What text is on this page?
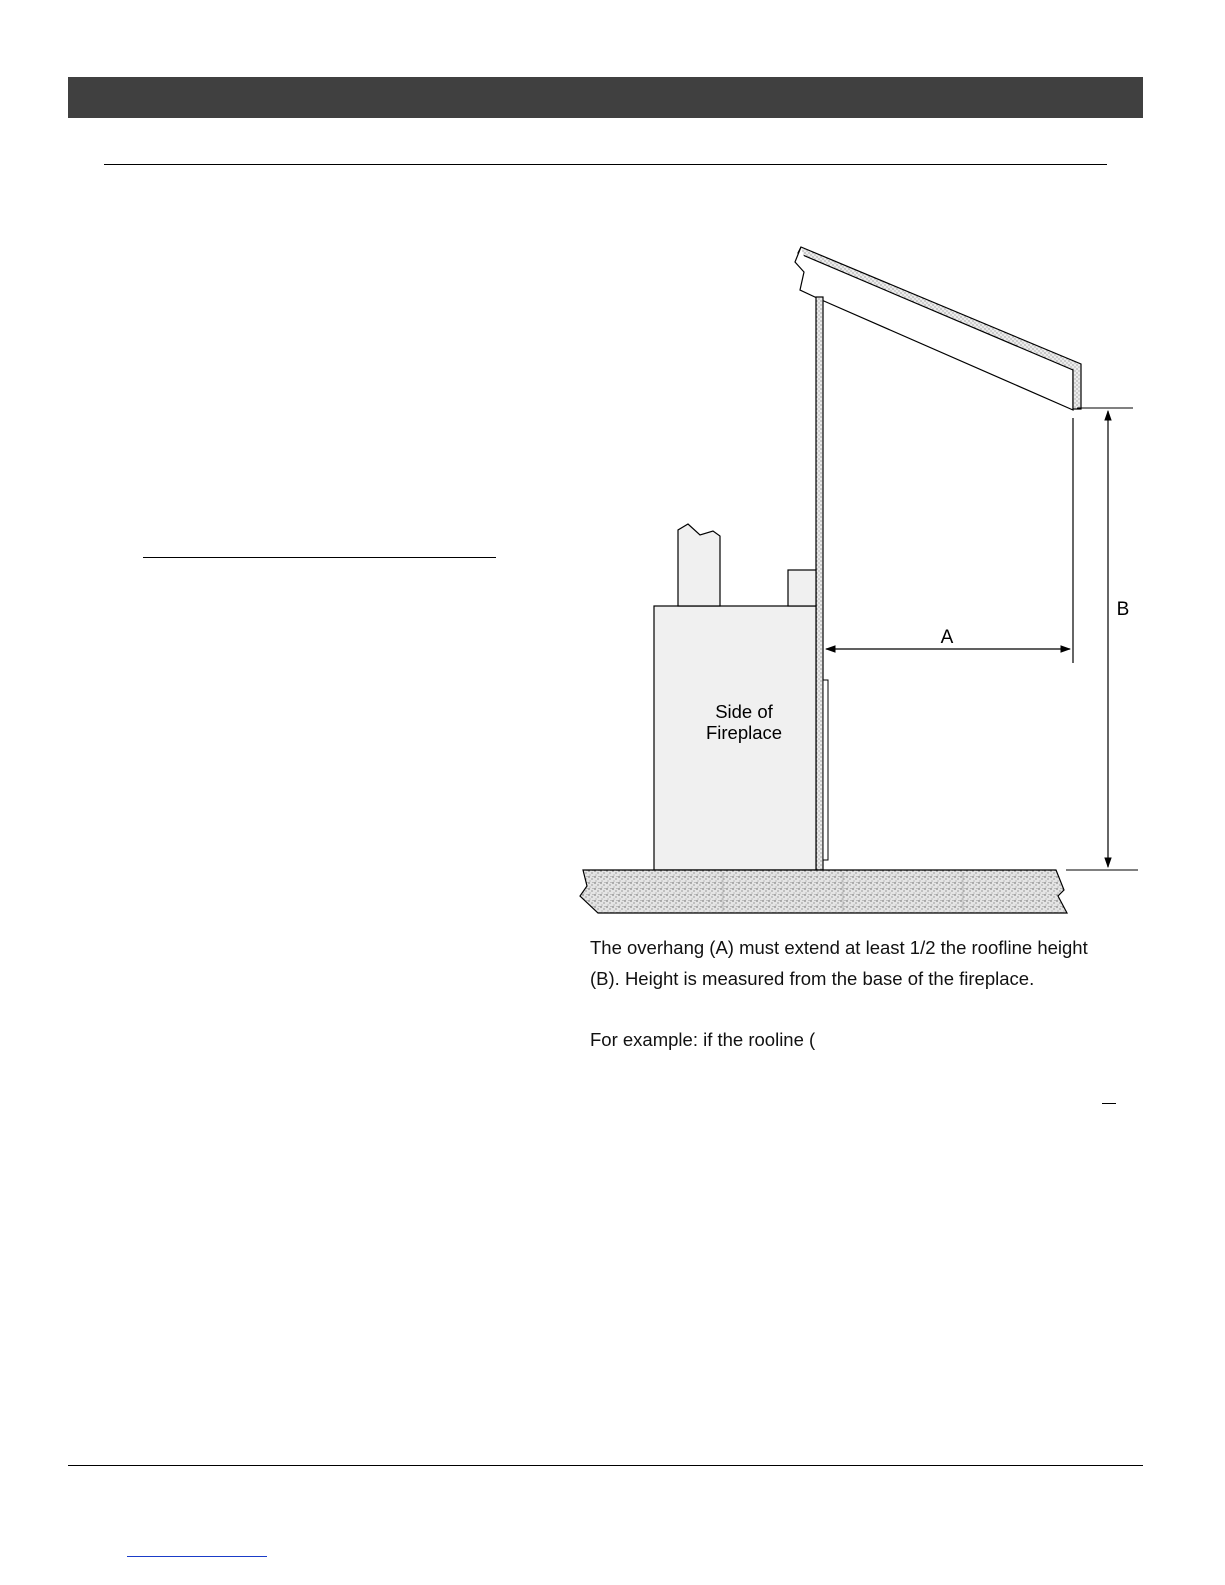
A
B
Side of
Fireplace
The overhang (A) must extend at least 1/2 the roofline height
(B). Height is measured from the base of the fireplace.
For example: if the rooline (
